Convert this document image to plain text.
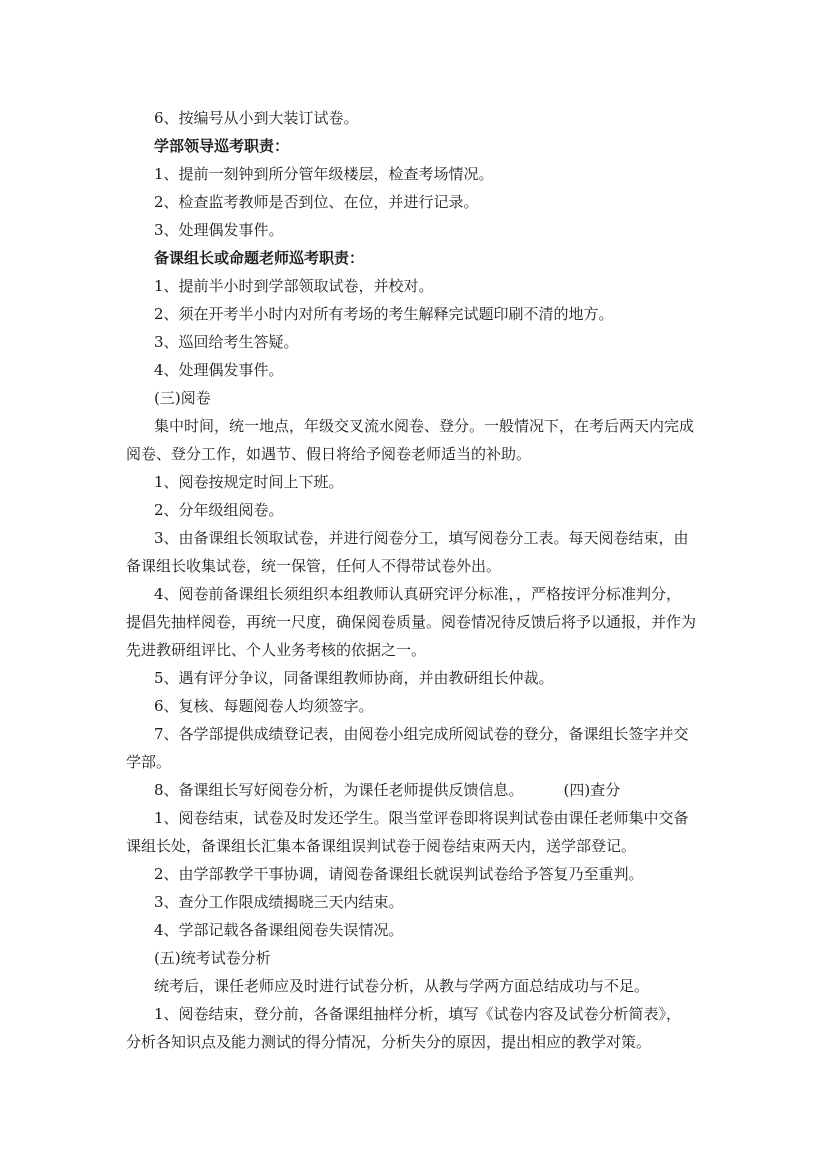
6、按编号从小到大装订试卷。
学部领导巡考职责：
1、提前一刻钟到所分管年级楼层，检查考场情况。
2、检查监考教师是否到位、在位，并进行记录。
3、处理偶发事件。
备课组长或命题老师巡考职责：
1、提前半小时到学部领取试卷，并校对。
2、须在开考半小时内对所有考场的考生解释完试题印刷不清的地方。
3、巡回给考生答疑。
4、处理偶发事件。
(三)阅卷
集中时间，统一地点，年级交叉流水阅卷、登分。一般情况下，在考后两天内完成
阅卷、登分工作，如遇节、假日将给予阅卷老师适当的补助。
1、阅卷按规定时间上下班。
2、分年级组阅卷。
3、由备课组长领取试卷，并进行阅卷分工，填写阅卷分工表。每天阅卷结束，由
备课组长收集试卷，统一保管，任何人不得带试卷外出。
4、阅卷前备课组长须组织本组教师认真研究评分标准，，严格按评分标准判分，
提倡先抽样阅卷，再统一尺度，确保阅卷质量。阅卷情况待反馈后将予以通报，并作为
先进教研组评比、个人业务考核的依据之一。
5、遇有评分争议，同备课组教师协商，并由教研组长仲裁。
6、复核、每题阅卷人均须签字。
7、各学部提供成绩登记表，由阅卷小组完成所阅试卷的登分，备课组长签字并交
学部。
8、备课组长写好阅卷分析，为课任老师提供反馈信息。	(四)查分
1、阅卷结束，试卷及时发还学生。限当堂评卷即将误判试卷由课任老师集中交备
课组长处，备课组长汇集本备课组误判试卷于阅卷结束两天内，送学部登记。
2、由学部教学干事协调，请阅卷备课组长就误判试卷给予答复乃至重判。
3、查分工作限成绩揭晓三天内结束。
4、学部记载各备课组阅卷失误情况。
(五)统考试卷分析
统考后，课任老师应及时进行试卷分析，从教与学两方面总结成功与不足。
1、阅卷结束，登分前，各备课组抽样分析，填写《试卷内容及试卷分析简表》，
分析各知识点及能力测试的得分情况，分析失分的原因，提出相应的教学对策。
